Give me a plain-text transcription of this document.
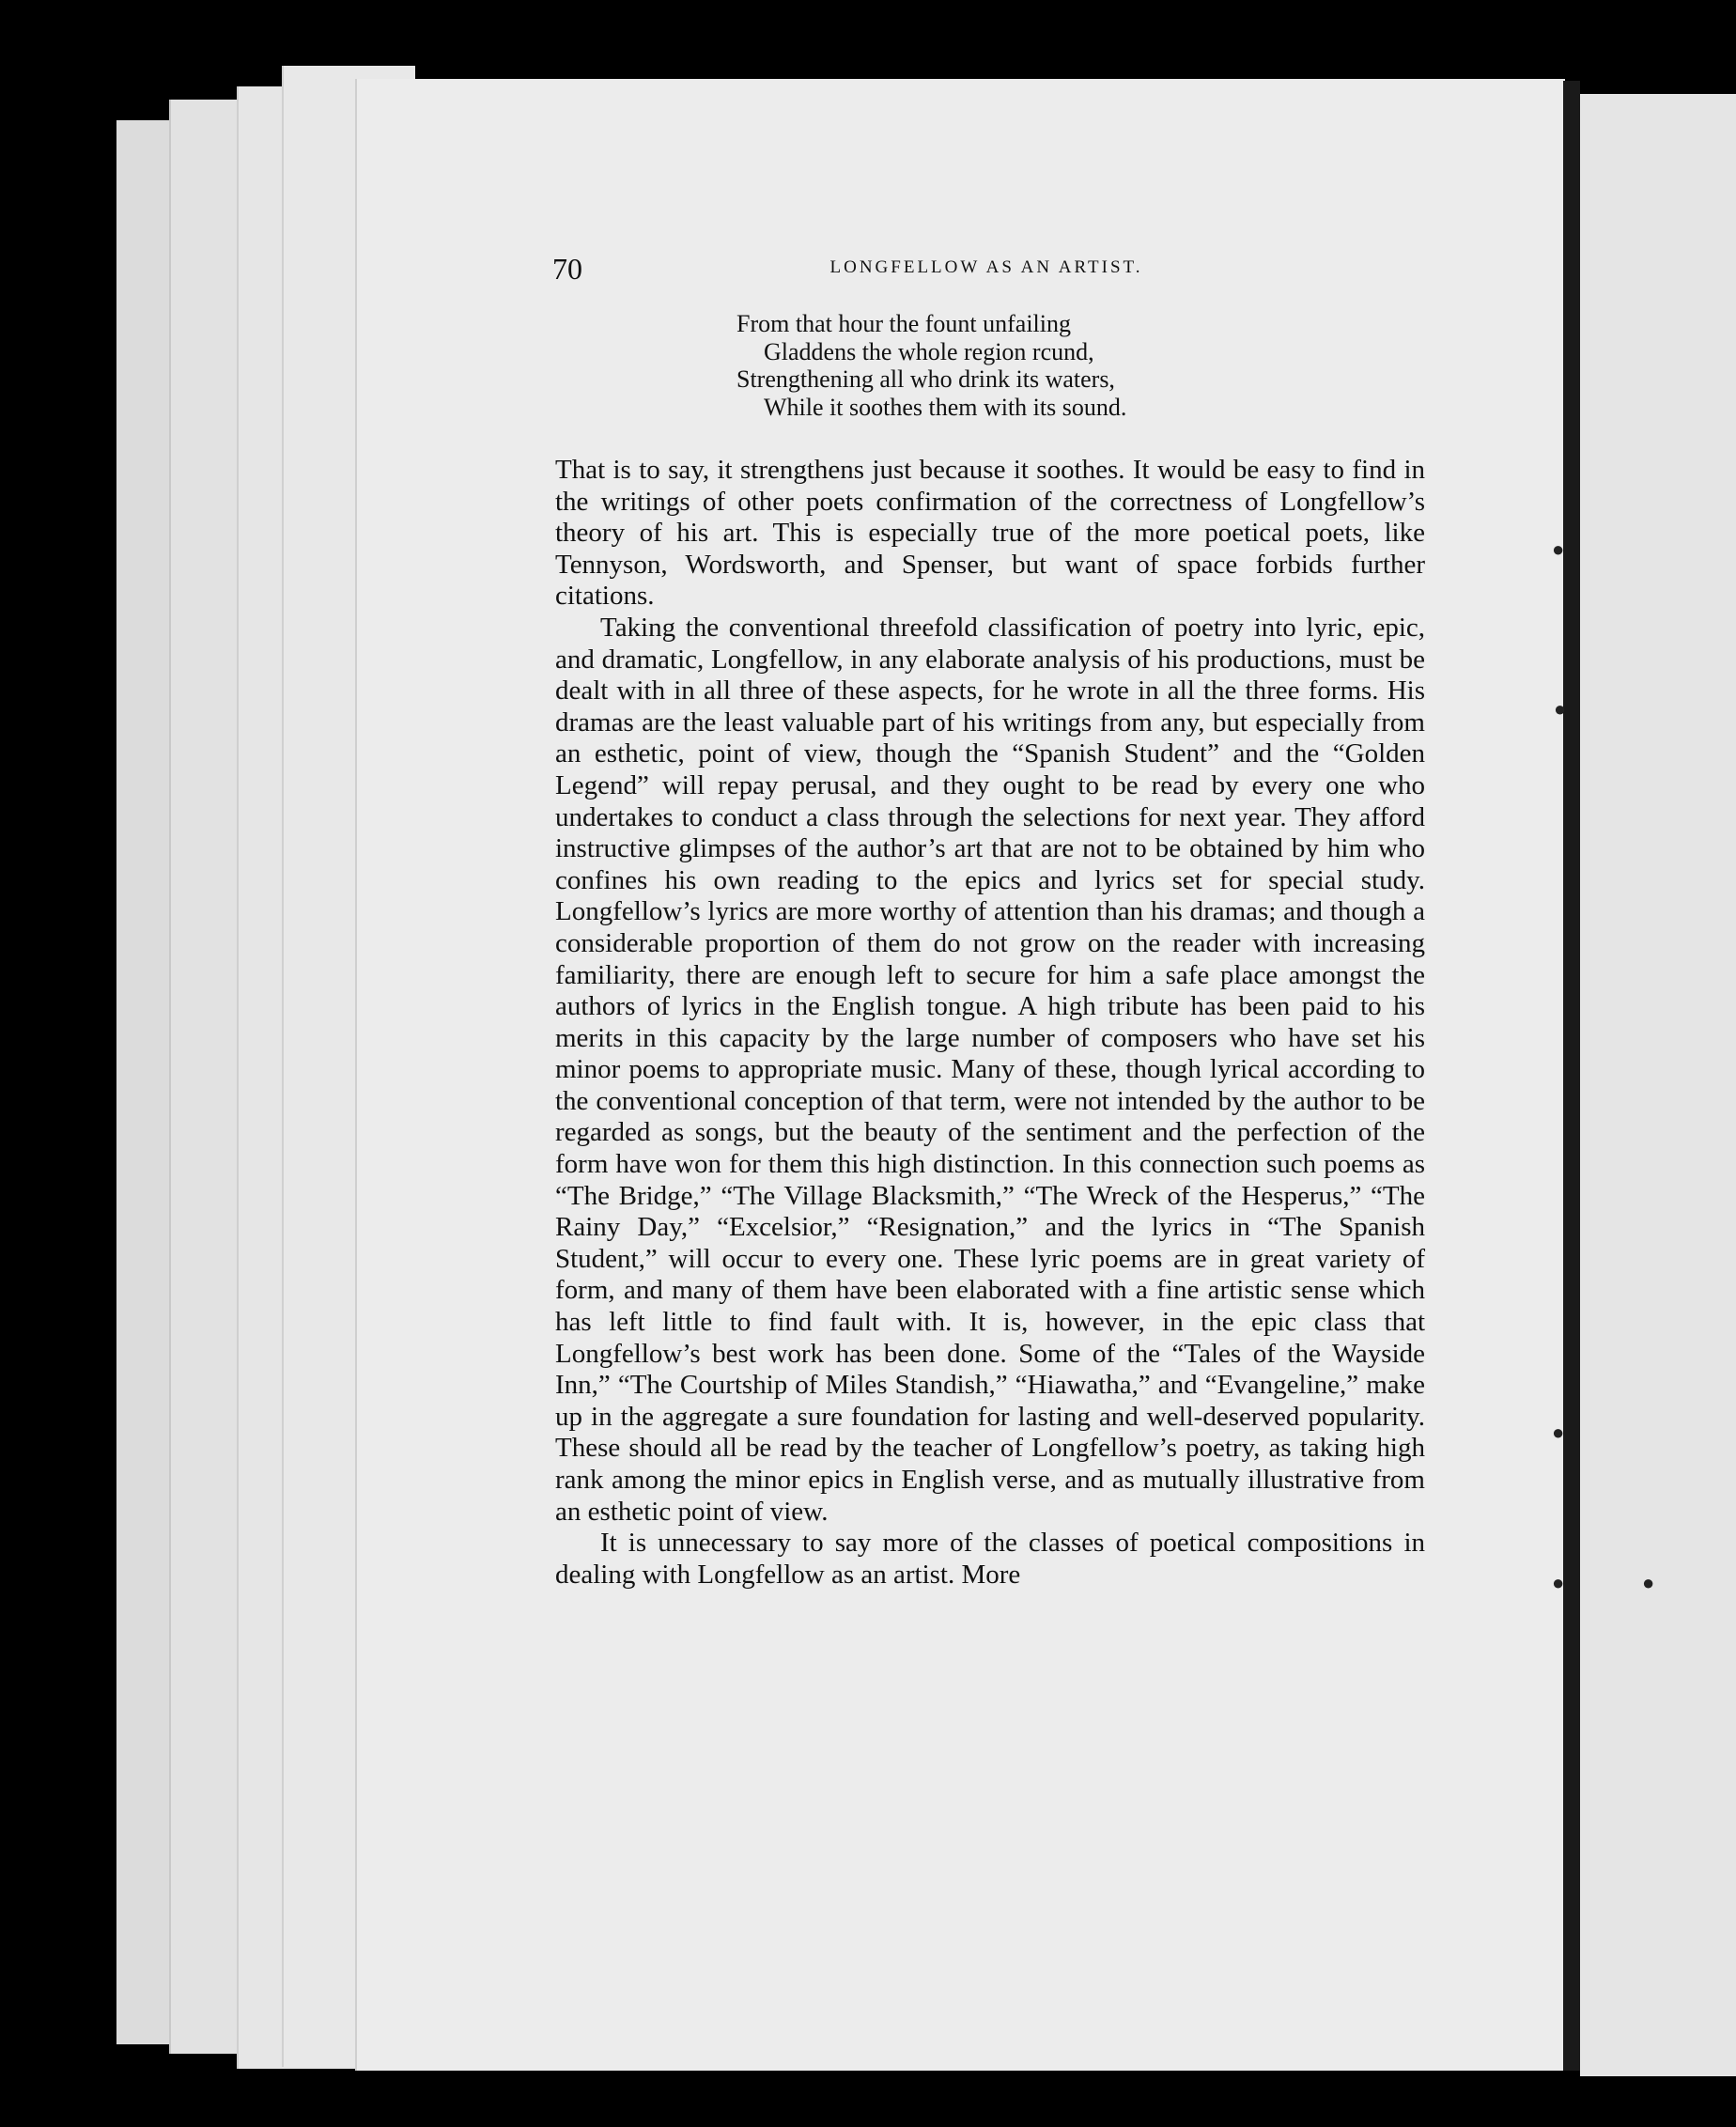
●
●
●
●	●
70	LONGFELLOW AS AN ARTIST.
From that hour the fount unfailing
Gladdens the whole region rcund,
Strengthening all who drink its waters,
While it soothes them with its sound.

That is to say, it strengthens just because it soothes. It would be easy to find in the writings of other poets confirmation of the correctness of Longfellow’s theory of his art. This is especially true of the more poetical poets, like Tennyson, Wordsworth, and Spenser, but want of space forbids further citations.

Taking the conventional threefold classification of poetry into lyric, epic, and dramatic, Longfellow, in any elaborate analysis of his productions, must be dealt with in all three of these aspects, for he wrote in all the three forms. His dramas are the least valuable part of his writings from any, but especially from an esthetic, point of view, though the “Spanish Student” and the “Golden Legend” will repay perusal, and they ought to be read by every one who undertakes to conduct a class through the selections for next year. They afford instructive glimpses of the author’s art that are not to be obtained by him who confines his own reading to the epics and lyrics set for special study. Longfellow’s lyrics are more worthy of attention than his dramas; and though a considerable proportion of them do not grow on the reader with increasing familiarity, there are enough left to secure for him a safe place amongst the authors of lyrics in the English tongue. A high tribute has been paid to his merits in this capacity by the large number of composers who have set his minor poems to appropriate music. Many of these, though lyrical according to the conventional conception of that term, were not intended by the author to be regarded as songs, but the beauty of the sentiment and the perfection of the form have won for them this high distinction. In this connection such poems as “The Bridge,” “The Village Blacksmith,” “The Wreck of the Hesperus,” “The Rainy Day,” “Excelsior,” “Resignation,” and the lyrics in “The Spanish Student,” will occur to every one. These lyric poems are in great variety of form, and many of them have been elaborated with a fine artistic sense which has left little to find fault with. It is, however, in the epic class that Longfellow’s best work has been done. Some of the “Tales of the Wayside Inn,” “The Courtship of Miles Standish,” “Hiawatha,” and “Evangeline,” make up in the aggregate a sure foundation for lasting and well-deserved popularity. These should all be read by the teacher of Longfellow’s poetry, as taking high rank among the minor epics in English verse, and as mutually illustrative from an esthetic point of view.

It is unnecessary to say more of the classes of poetical compositions in dealing with Longfellow as an artist. More
